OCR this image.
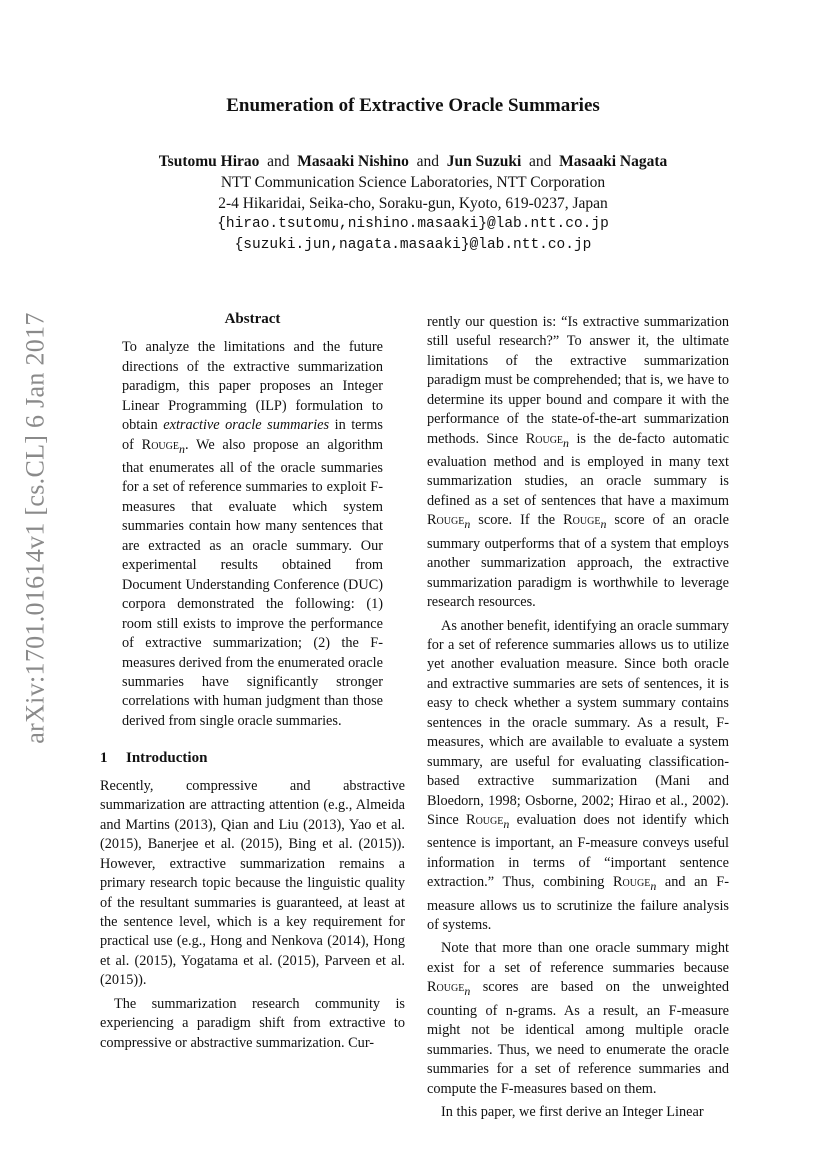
arXiv:1701.01614v1 [cs.CL] 6 Jan 2017
Enumeration of Extractive Oracle Summaries
Tsutomu Hirao and Masaaki Nishino and Jun Suzuki and Masaaki Nagata
NTT Communication Science Laboratories, NTT Corporation
2-4 Hikaridai, Seika-cho, Soraku-gun, Kyoto, 619-0237, Japan
{hirao.tsutomu,nishino.masaaki}@lab.ntt.co.jp
{suzuki.jun,nagata.masaaki}@lab.ntt.co.jp
Abstract
To analyze the limitations and the future directions of the extractive summarization paradigm, this paper proposes an Integer Linear Programming (ILP) formulation to obtain extractive oracle summaries in terms of Rouge$_n$. We also propose an algorithm that enumerates all of the oracle summaries for a set of reference summaries to exploit F-measures that evaluate which system summaries contain how many sentences that are extracted as an oracle summary. Our experimental results obtained from Document Understanding Conference (DUC) corpora demonstrated the following: (1) room still exists to improve the performance of extractive summarization; (2) the F-measures derived from the enumerated oracle summaries have significantly stronger correlations with human judgment than those derived from single oracle summaries.
1 Introduction

Recently, compressive and abstractive summarization are attracting attention (e.g., Almeida and Martins (2013), Qian and Liu (2013), Yao et al. (2015), Banerjee et al. (2015), Bing et al. (2015)). However, extractive summarization remains a primary research topic because the linguistic quality of the resultant summaries is guaranteed, at least at the sentence level, which is a key requirement for practical use (e.g., Hong and Nenkova (2014), Hong et al. (2015), Yogatama et al. (2015), Parveen et al. (2015)).

The summarization research community is experiencing a paradigm shift from extractive to compressive or abstractive summarization. Cur-

rently our question is: “Is extractive summarization still useful research?” To answer it, the ultimate limitations of the extractive summarization paradigm must be comprehended; that is, we have to determine its upper bound and compare it with the performance of the state-of-the-art summarization methods. Since Rouge$_n$ is the de-facto automatic evaluation method and is employed in many text summarization studies, an oracle summary is defined as a set of sentences that have a maximum Rouge$_n$ score. If the Rouge$_n$ score of an oracle summary outperforms that of a system that employs another summarization approach, the extractive summarization paradigm is worthwhile to leverage research resources.

As another benefit, identifying an oracle summary for a set of reference summaries allows us to utilize yet another evaluation measure. Since both oracle and extractive summaries are sets of sentences, it is easy to check whether a system summary contains sentences in the oracle summary. As a result, F-measures, which are available to evaluate a system summary, are useful for evaluating classification-based extractive summarization (Mani and Bloedorn, 1998; Osborne, 2002; Hirao et al., 2002). Since Rouge$_n$ evaluation does not identify which sentence is important, an F-measure conveys useful information in terms of “important sentence extraction.” Thus, combining Rouge$_n$ and an F-measure allows us to scrutinize the failure analysis of systems.

Note that more than one oracle summary might exist for a set of reference summaries because Rouge$_n$ scores are based on the unweighted counting of n-grams. As a result, an F-measure might not be identical among multiple oracle summaries. Thus, we need to enumerate the oracle summaries for a set of reference summaries and compute the F-measures based on them.

In this paper, we first derive an Integer Linear
